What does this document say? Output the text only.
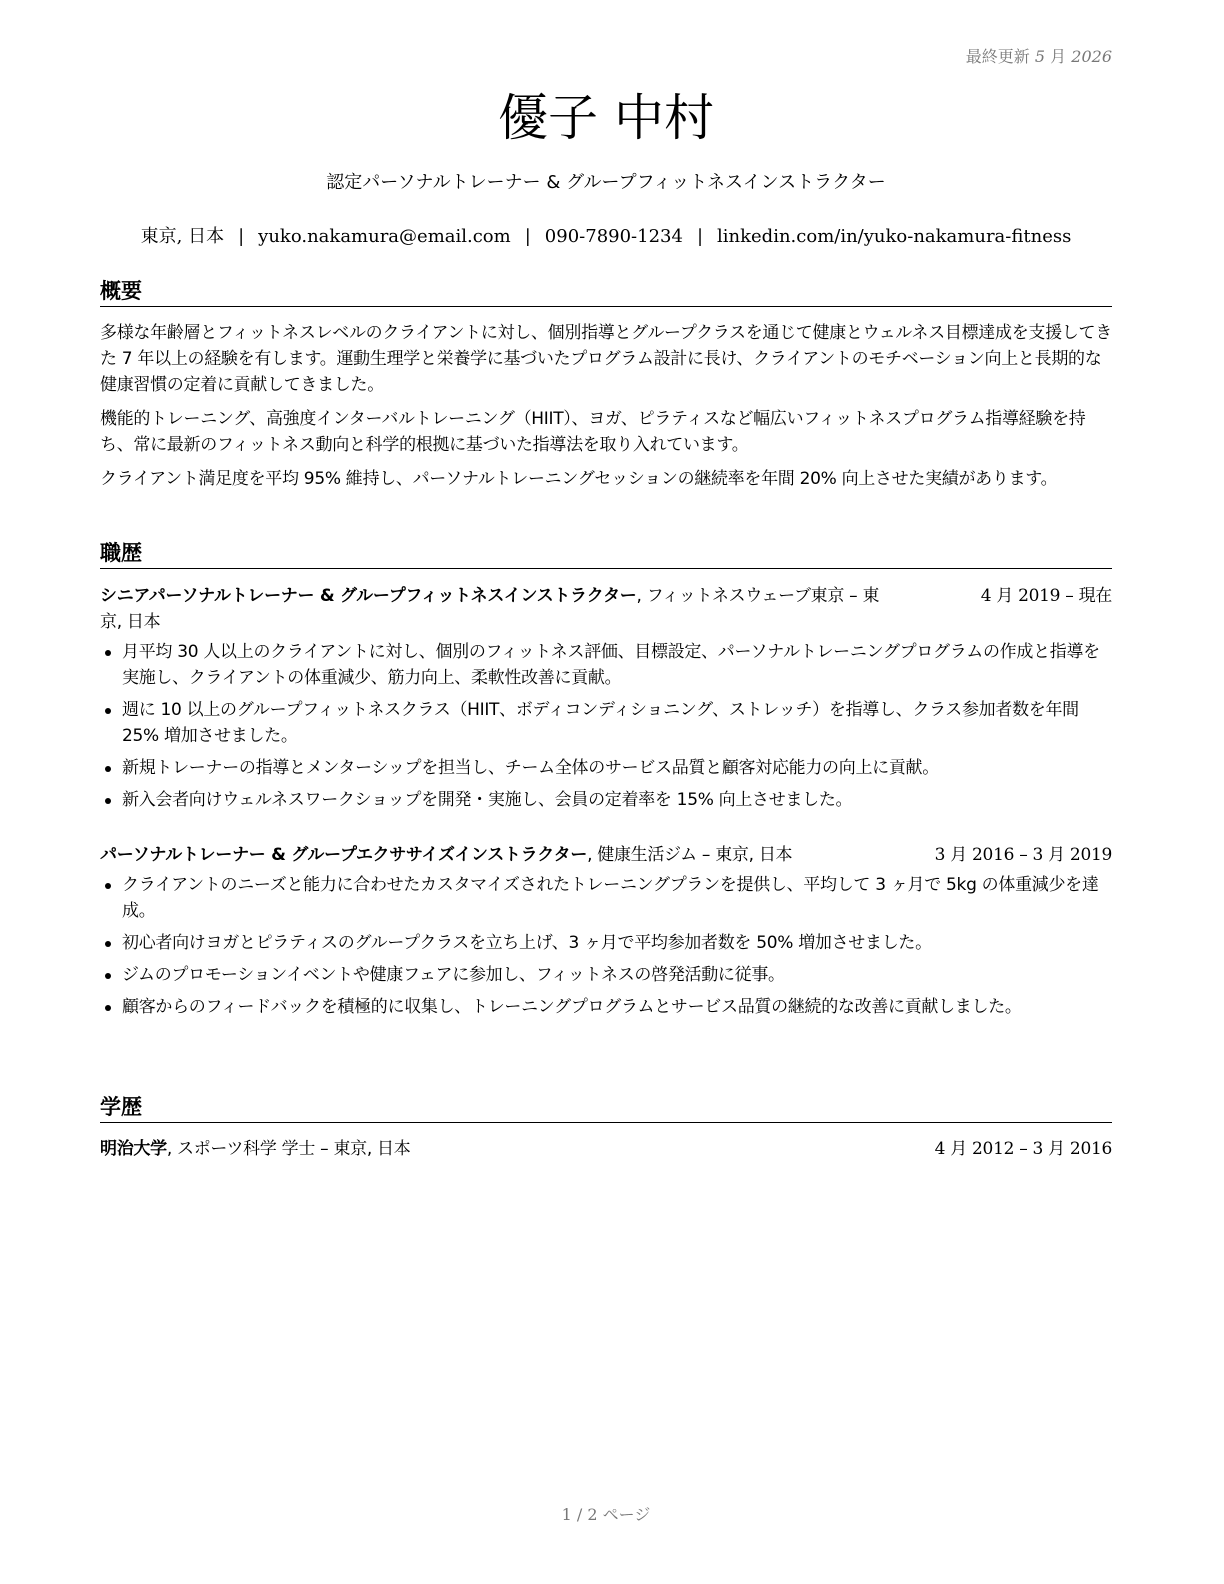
最終更新 5 月 2026
優子 中村
認定パーソナルトレーナー & グループフィットネスインストラクター
東京, 日本 | yuko.nakamura@email.com | 090-7890-1234 | linkedin.com/in/yuko-nakamura-fitness
概要

多様な年齢層とフィットネスレベルのクライアントに対し、個別指導とグループクラスを通じて健康とウェルネス目標達成を支援してきた 7 年以上の経験を有します。運動生理学と栄養学に基づいたプログラム設計に長け、クライアントのモチベーション向上と長期的な健康習慣の定着に貢献してきました。

機能的トレーニング、高強度インターバルトレーニング（HIIT）、ヨガ、ピラティスなど幅広いフィットネスプログラム指導経験を持ち、常に最新のフィットネス動向と科学的根拠に基づいた指導法を取り入れています。

クライアント満足度を平均 95% 維持し、パーソナルトレーニングセッションの継続率を年間 20% 向上させた実績があります。

職歴
シニアパーソナルトレーナー & グループフィットネスインストラクター, フィットネスウェーブ東京 – 東京, 日本
4 月 2019 – 現在
月平均 30 人以上のクライアントに対し、個別のフィットネス評価、目標設定、パーソナルトレーニングプログラムの作成と指導を実施し、クライアントの体重減少、筋力向上、柔軟性改善に貢献。
週に 10 以上のグループフィットネスクラス（HIIT、ボディコンディショニング、ストレッチ）を指導し、クラス参加者数を年間 25% 増加させました。
新規トレーナーの指導とメンターシップを担当し、チーム全体のサービス品質と顧客対応能力の向上に貢献。
新入会者向けウェルネスワークショップを開発・実施し、会員の定着率を 15% 向上させました。
パーソナルトレーナー & グループエクササイズインストラクター, 健康生活ジム – 東京, 日本	3 月 2016 – 3 月 2019
クライアントのニーズと能力に合わせたカスタマイズされたトレーニングプランを提供し、平均して 3 ヶ月で 5kg の体重減少を達成。
初心者向けヨガとピラティスのグループクラスを立ち上げ、3 ヶ月で平均参加者数を 50% 増加させました。
ジムのプロモーションイベントや健康フェアに参加し、フィットネスの啓発活動に従事。
顧客からのフィードバックを積極的に収集し、トレーニングプログラムとサービス品質の継続的な改善に貢献しました。
学歴
明治大学, スポーツ科学 学士 – 東京, 日本	4 月 2012 – 3 月 2016
1 / 2 ページ
